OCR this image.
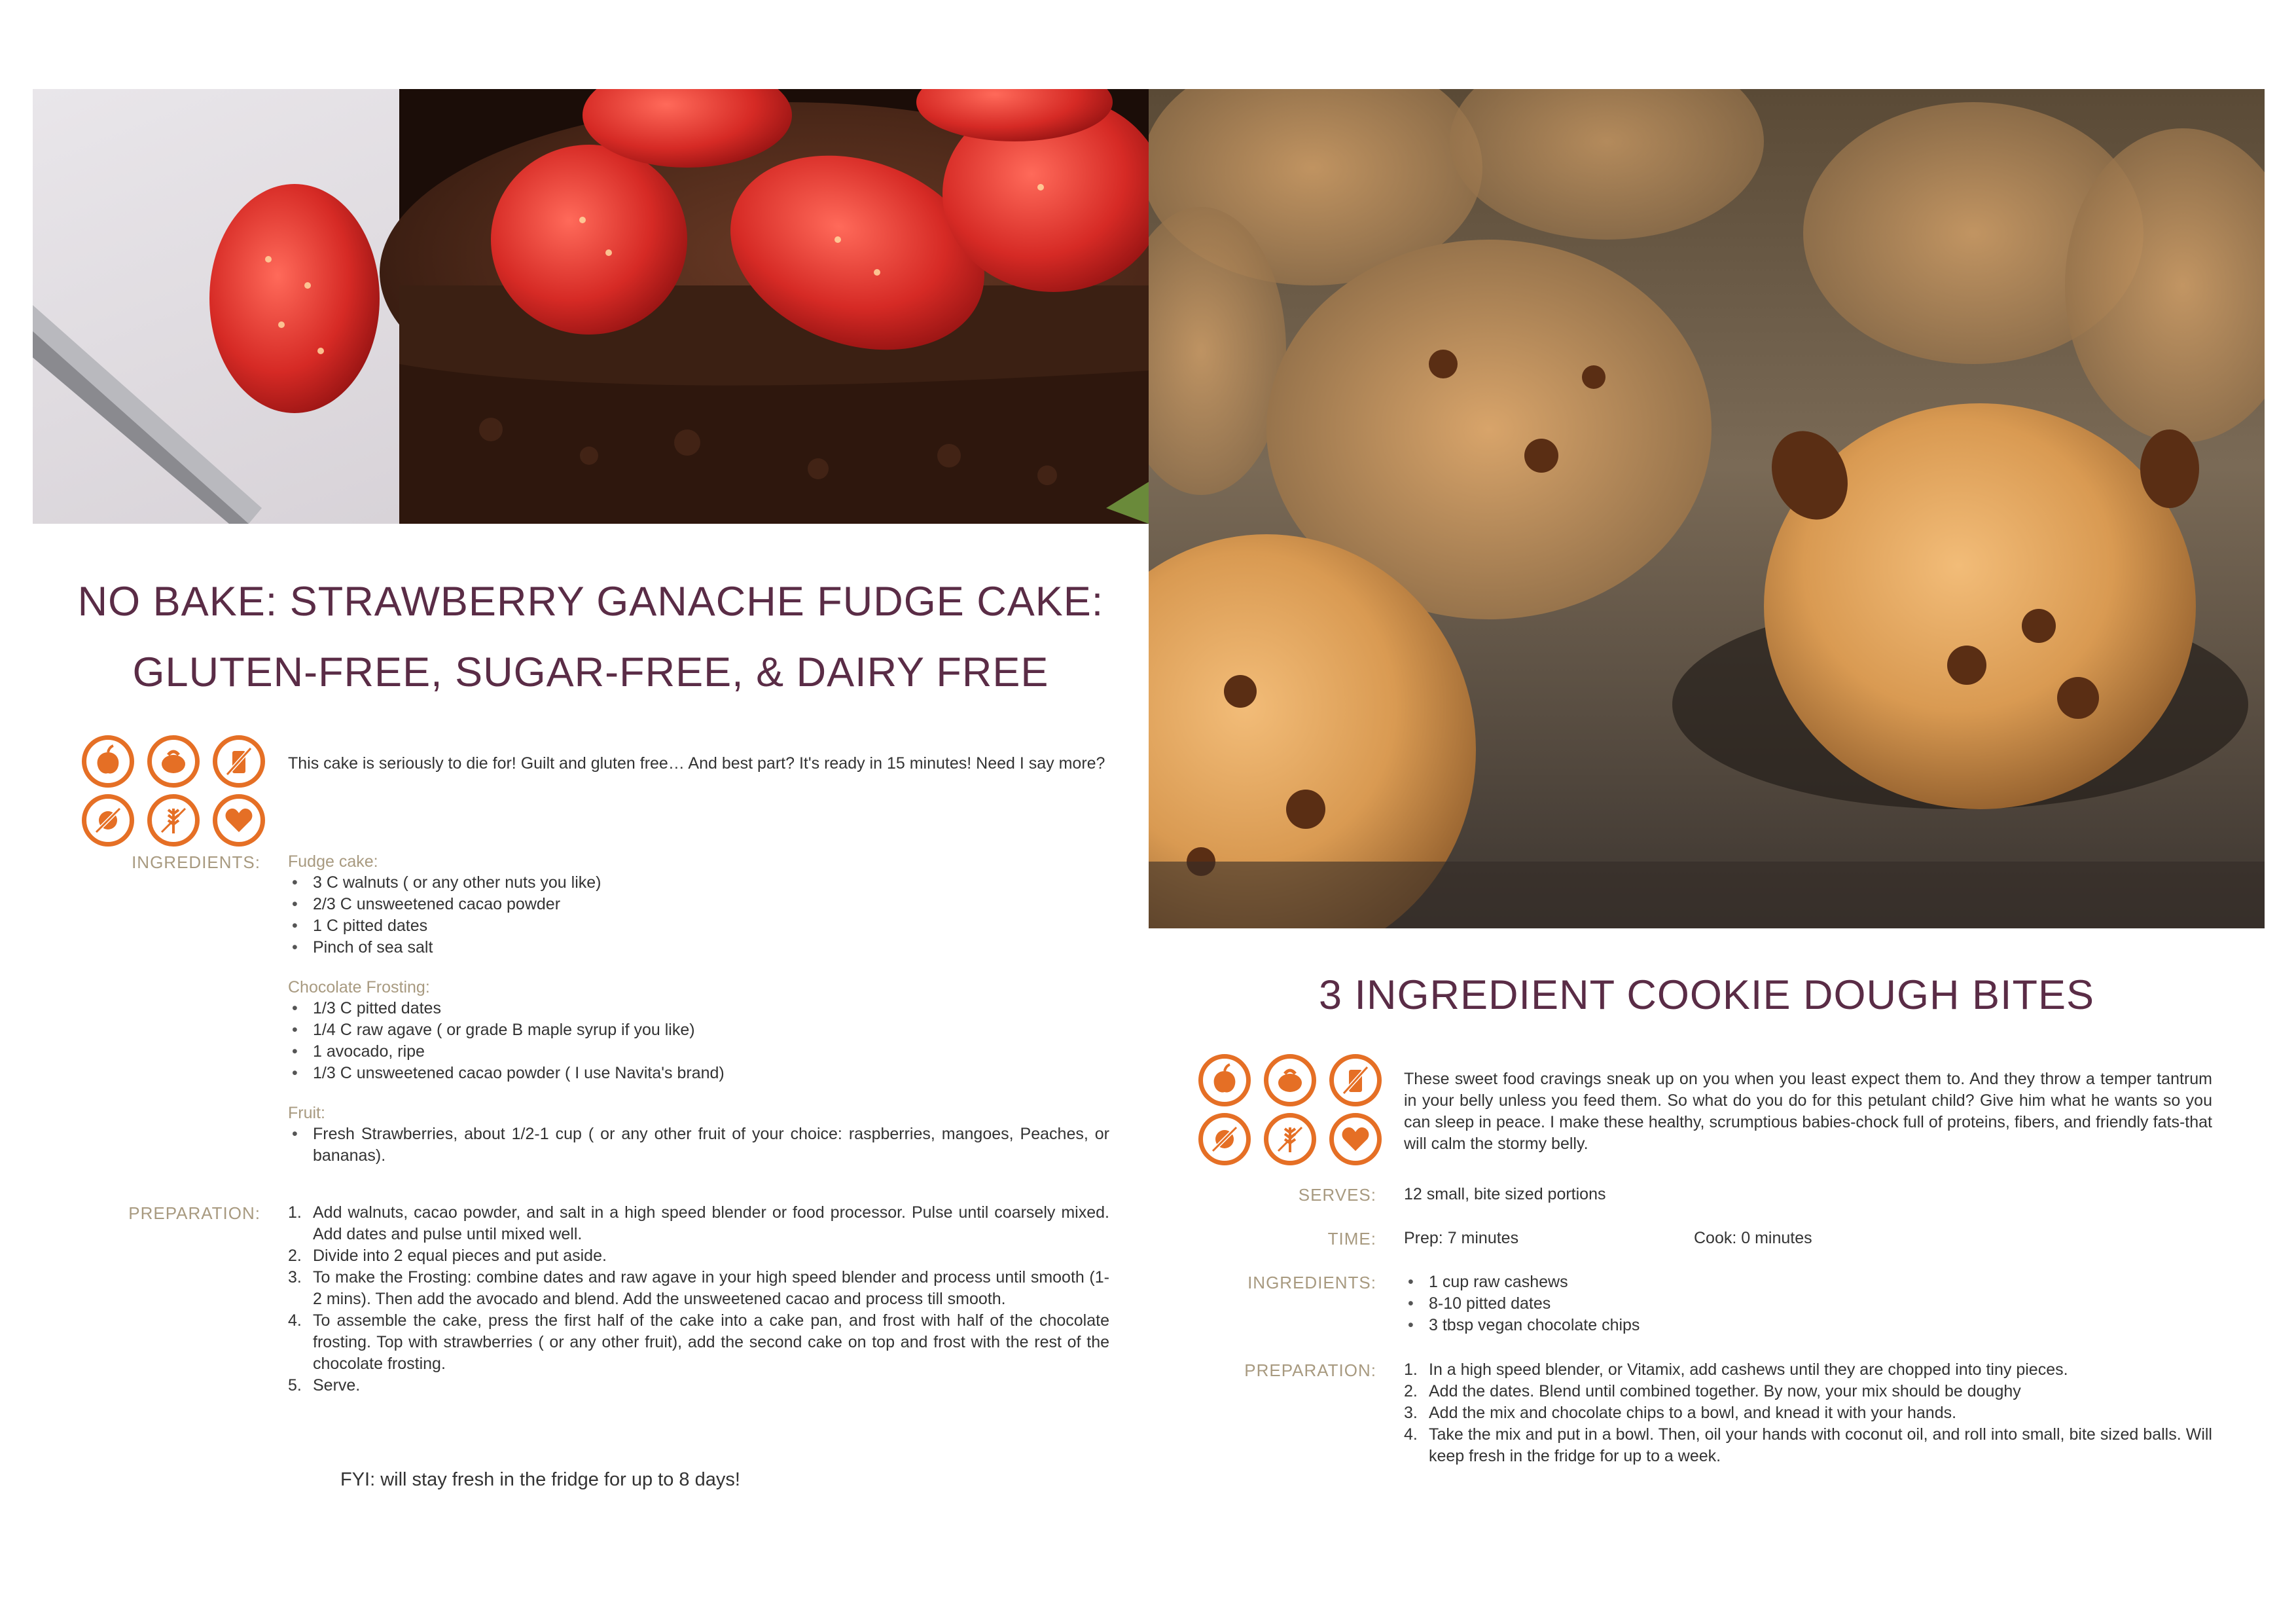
NO BAKE: STRAWBERRY GANACHE FUDGE CAKE:
GLUTEN-FREE, SUGAR-FREE, & DAIRY FREE
This cake is seriously to die for! Guilt and gluten free… And best part? It's ready in 15 minutes! Need I say more?
INGREDIENTS: Fudge cake:
• 3 C walnuts ( or any other nuts you like)
• 2/3 C unsweetened cacao powder
• 1 C pitted dates
• Pinch of sea salt
Chocolate Frosting:
• 1/3 C pitted dates
• 1/4 C raw agave ( or grade B maple syrup if you like)
• 1 avocado, ripe
• 1/3 C unsweetened cacao powder ( I use Navita's brand)
Fruit:
• Fresh Strawberries, about 1/2-1 cup ( or any other fruit of your choice: raspberries, mangoes, Peaches, or bananas).
PREPARATION: 1. Add walnuts, cacao powder, and salt in a high speed blender or food processor. Pulse until coarsely mixed. Add dates and pulse until mixed well.
2. Divide into 2 equal pieces and put aside.
3. To make the Frosting: combine dates and raw agave in your high speed blender and process until smooth (1-2 mins). Then add the avocado and blend. Add the unsweetened cacao and process till smooth.
4. To assemble the cake, press the first half of the cake into a cake pan, and frost with half of the chocolate frosting. Top with strawberries ( or any other fruit), add the second cake on top and frost with the rest of the chocolate frosting.
5. Serve.
FYI: will stay fresh in the fridge for up to 8 days!
3 INGREDIENT COOKIE DOUGH BITES
These sweet food cravings sneak up on you when you least expect them to. And they throw a temper tantrum in your belly unless you feed them. So what do you do for this petulant child? Give him what he wants so you can sleep in peace. I make these healthy, scrumptious babies-chock full of proteins, fibers, and friendly fats-that will calm the stormy belly.
SERVES: 12 small, bite sized portions
TIME: Prep: 7 minutes	Cook: 0 minutes
INGREDIENTS:
•	1 cup raw cashews
• 8-10 pitted dates
• 3 tbsp vegan chocolate chips
PREPARATION: 1. In a high speed blender, or Vitamix, add cashews until they are chopped into tiny pieces.
2. Add the dates. Blend until combined together. By now, your mix should be doughy
3. Add the mix and chocolate chips to a bowl, and knead it with your hands.
4. Take the mix and put in a bowl. Then, oil your hands with coconut oil, and roll into small, bite sized balls. Will keep fresh in the fridge for up to a week.
